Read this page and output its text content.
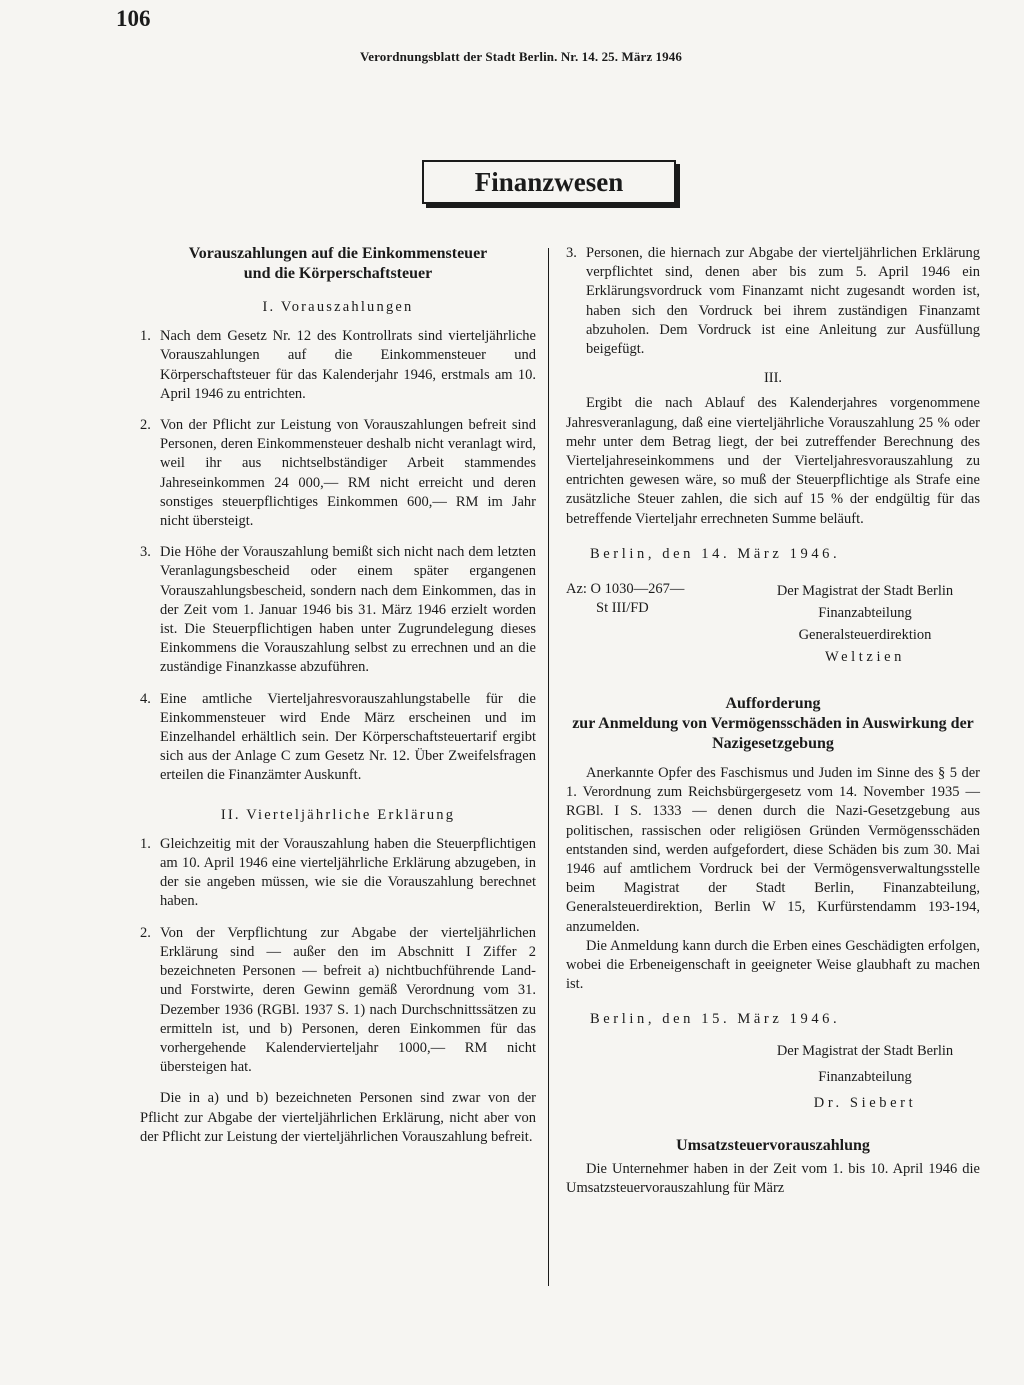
106
Verordnungsblatt der Stadt Berlin. Nr. 14. 25. März 1946
Finanzwesen
Vorauszahlungen auf die Einkommensteuer
und die Körperschaftsteuer
I. Vorauszahlungen
1. Nach dem Gesetz Nr. 12 des Kontrollrats sind vierteljährliche Vorauszahlungen auf die Einkommensteuer und Körperschaftsteuer für das Kalenderjahr 1946, erstmals am 10. April 1946 zu entrichten.

2. Von der Pflicht zur Leistung von Vorauszahlungen befreit sind Personen, deren Einkommensteuer deshalb nicht veranlagt wird, weil ihr aus nichtselbständiger Arbeit stammendes Jahreseinkommen 24 000,— RM nicht erreicht und deren sonstiges steuerpflichtiges Einkommen 600,— RM im Jahr nicht übersteigt.

3. Die Höhe der Vorauszahlung bemißt sich nicht nach dem letzten Veranlagungsbescheid oder einem später ergangenen Vorauszahlungsbescheid, sondern nach dem Einkommen, das in der Zeit vom 1. Januar 1946 bis 31. März 1946 erzielt worden ist. Die Steuerpflichtigen haben unter Zugrundelegung dieses Einkommens die Vorauszahlung selbst zu errechnen und an die zuständige Finanzkasse abzuführen.

4. Eine amtliche Vierteljahresvorauszahlungstabelle für die Einkommensteuer wird Ende März erscheinen und im Einzelhandel erhältlich sein. Der Körperschaftsteuertarif ergibt sich aus der Anlage C zum Gesetz Nr. 12. Über Zweifelsfragen erteilen die Finanzämter Auskunft.

II. Vierteljährliche Erklärung
1. Gleichzeitig mit der Vorauszahlung haben die Steuerpflichtigen am 10. April 1946 eine vierteljährliche Erklärung abzugeben, in der sie angeben müssen, wie sie die Vorauszahlung berechnet haben.

2. Von der Verpflichtung zur Abgabe der vierteljährlichen Erklärung sind — außer den im Abschnitt I Ziffer 2 bezeichneten Personen — befreit a) nichtbuchführende Land- und Forstwirte, deren Gewinn gemäß Verordnung vom 31. Dezember 1936 (RGBl. 1937 S. 1) nach Durchschnittssätzen zu ermitteln ist, und b) Personen, deren Einkommen für das vorhergehende Kalendervierteljahr 1000,— RM nicht übersteigen hat.

Die in a) und b) bezeichneten Personen sind zwar von der Pflicht zur Abgabe der vierteljährlichen Erklärung, nicht aber von der Pflicht zur Leistung der vierteljährlichen Vorauszahlung befreit.

3. Personen, die hiernach zur Abgabe der vierteljährlichen Erklärung verpflichtet sind, denen aber bis zum 5. April 1946 ein Erklärungsvordruck vom Finanzamt nicht zugesandt worden ist, haben sich den Vordruck bei ihrem zuständigen Finanzamt abzuholen. Dem Vordruck ist eine Anleitung zur Ausfüllung beigefügt.

III.

Ergibt die nach Ablauf des Kalenderjahres vorgenommene Jahresveranlagung, daß eine vierteljährliche Vorauszahlung 25 % oder mehr unter dem Betrag liegt, der bei zutreffender Berechnung des Vierteljahreseinkommens und der Vierteljahresvorauszahlung zu entrichten gewesen wäre, so muß der Steuerpflichtige als Strafe eine zusätzliche Steuer zahlen, die sich auf 15 % der endgültig für das betreffende Vierteljahr errechneten Summe beläuft.

Berlin, den 14. März 1946.
Az: O 1030—267—
St III/FD
Der Magistrat der Stadt Berlin
Finanzabteilung
Generalsteuerdirektion
Weltzien
Aufforderung
zur Anmeldung von Vermögensschäden in Auswirkung der Nazigesetzgebung

Anerkannte Opfer des Faschismus und Juden im Sinne des § 5 der 1. Verordnung zum Reichsbürgergesetz vom 14. November 1935 — RGBl. I S. 1333 — denen durch die Nazi-Gesetzgebung aus politischen, rassischen oder religiösen Gründen Vermögensschäden entstanden sind, werden aufgefordert, diese Schäden bis zum 30. Mai 1946 auf amtlichem Vordruck bei der Vermögensverwaltungsstelle beim Magistrat der Stadt Berlin, Finanzabteilung, Generalsteuerdirektion, Berlin W 15, Kurfürstendamm 193-194, anzumelden.

Die Anmeldung kann durch die Erben eines Geschädigten erfolgen, wobei die Erbeneigenschaft in geeigneter Weise glaubhaft zu machen ist.

Berlin, den 15. März 1946.
Der Magistrat der Stadt Berlin
Finanzabteilung
Dr. Siebert
Umsatzsteuervorauszahlung

Die Unternehmer haben in der Zeit vom 1. bis 10. April 1946 die Umsatzsteuervorauszahlung für März
